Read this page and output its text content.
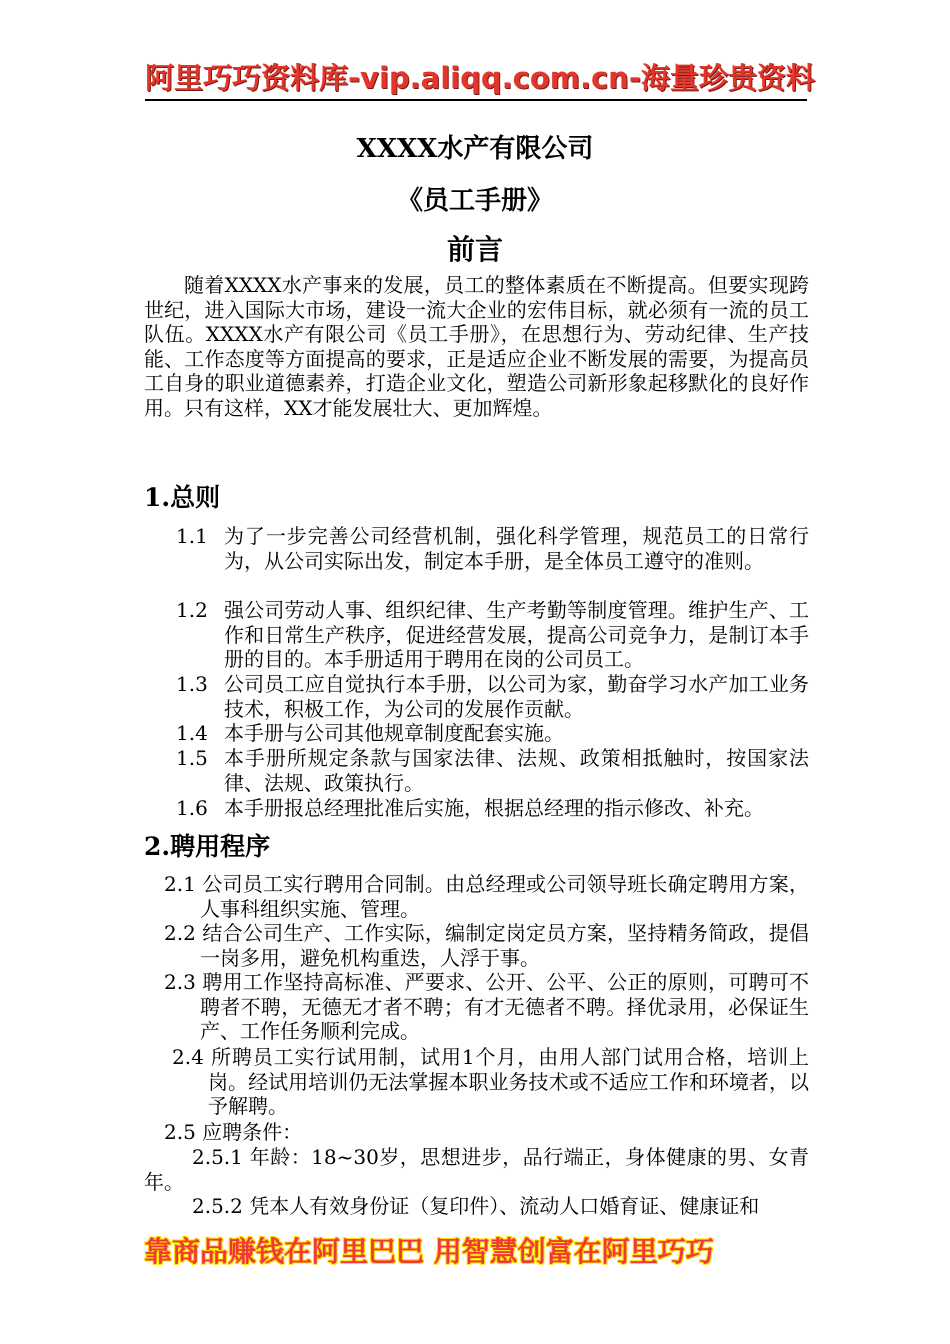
阿里巧巧资料库-vip.aliqq.com.cn-海量珍贵资料
XXXX水产有限公司
《员工手册》
前言
随着XXXX水产事来的发展，员工的整体素质在不断提高。但要实现跨世纪，进入国际大市场，建设一流大企业的宏伟目标，就必须有一流的员工队伍。XXXX水产有限公司《员工手册》，在思想行为、劳动纪律、生产技能、工作态度等方面提高的要求，正是适应企业不断发展的需要，为提高员工自身的职业道德素养，打造企业文化，塑造公司新形象起移默化的良好作用。只有这样，XX才能发展壮大、更加辉煌。
1.总则
1.1 为了一步完善公司经营机制，强化科学管理，规范员工的日常行为，从公司实际出发，制定本手册，是全体员工遵守的准则。
1.2 强公司劳动人事、组织纪律、生产考勤等制度管理。维护生产、工作和日常生产秩序，促进经营发展，提高公司竞争力，是制订本手册的目的。本手册适用于聘用在岗的公司员工。
1.3 公司员工应自觉执行本手册，以公司为家，勤奋学习水产加工业务技术，积极工作，为公司的发展作贡献。
1.4 本手册与公司其他规章制度配套实施。
1.5 本手册所规定条款与国家法律、法规、政策相抵触时，按国家法律、法规、政策执行。
1.6 本手册报总经理批准后实施，根据总经理的指示修改、补充。
2.聘用程序
2.1 公司员工实行聘用合同制。由总经理或公司领导班长确定聘用方案，人事科组织实施、管理。
2.2 结合公司生产、工作实际，编制定岗定员方案，坚持精务简政，提倡一岗多用，避免机构重迭，人浮于事。
2.3 聘用工作坚持高标准、严要求、公开、公平、公正的原则，可聘可不聘者不聘，无德无才者不聘；有才无德者不聘。择优录用，必保证生产、工作任务顺利完成。
2.4 所聘员工实行试用制，试用1个月，由用人部门试用合格，培训上岗。经试用培训仍无法掌握本职业务技术或不适应工作和环境者，以予解聘。
2.5 应聘条件：
2.5.1 年龄：18~30岁，思想进步，品行端正，身体健康的男、女青年。
2.5.2 凭本人有效身份证（复印件）、流动人口婚育证、健康证和
靠商品赚钱在阿里巴巴 用智慧创富在阿里巧巧
